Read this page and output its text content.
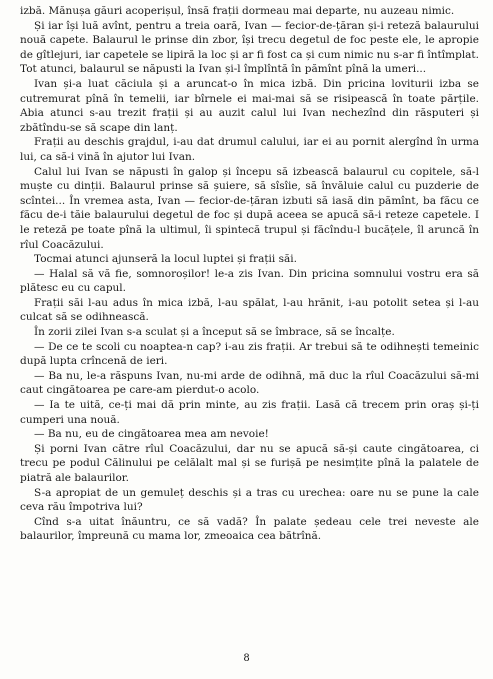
izbă. Mănușa găuri acoperișul, însă frații dormeau mai departe, nu auzeau nimic.

Și iar își luă avînt, pentru a treia oară, Ivan — fecior-de-țăran și-i reteză balaurului nouă capete. Balaurul le prinse din zbor, își trecu degetul de foc peste ele, le apropie de gîtlejuri, iar capetele se lipiră la loc și ar fi fost ca și cum nimic nu s-ar fi întîmplat. Tot atunci, balaurul se năpusti la Ivan și-l împlîntă în pămînt pînă la umeri...

Ivan și-a luat căciula și a aruncat-o în mica izbă. Din pricina loviturii izba se cutremurat pînă în temelii, iar bîrnele ei mai-mai să se risipească în toate părțile. Abia atunci s-au trezit frații și au auzit calul lui Ivan nechezînd din răsputeri și zbătîndu-se să scape din lanț.

Frații au deschis grajdul, i-au dat drumul calului, iar ei au pornit alergînd în urma lui, ca să-i vină în ajutor lui Ivan.

Calul lui Ivan se năpusti în galop și începu să izbească balaurul cu copitele, să-l muște cu dinții. Balaurul prinse să șuiere, să sîsîie, să învăluie calul cu puzderie de scîntei... În vremea asta, Ivan — fecior-de-țăran izbuti să iasă din pămînt, ba făcu ce făcu de-i tăie balaurului degetul de foc și după aceea se apucă să-i reteze capetele. I le reteză pe toate pînă la ultimul, îi spintecă trupul și făcîndu-l bucățele, îl aruncă în rîul Coacăzului.

Tocmai atunci ajunseră la locul luptei și frații săi.

— Halal să vă fie, somnoroșilor! le-a zis Ivan. Din pricina somnului vostru era să plătesc eu cu capul.

Frații săi l-au adus în mica izbă, l-au spălat, l-au hrănit, i-au potolit setea și l-au culcat să se odihnească.

În zorii zilei Ivan s-a sculat și a început să se îmbrace, să se încalțe.

— De ce te scoli cu noaptea-n cap? i-au zis frații. Ar trebui să te odihnești temeinic după lupta crîncenă de ieri.

— Ba nu, le-a răspuns Ivan, nu-mi arde de odihnă, mă duc la rîul Coacăzului să-mi caut cingătoarea pe care-am pierdut-o acolo.

— Ia te uită, ce-ți mai dă prin minte, au zis frații. Lasă că trecem prin oraș și-ți cumperi una nouă.

— Ba nu, eu de cingătoarea mea am nevoie!

Și porni Ivan către rîul Coacăzului, dar nu se apucă să-și caute cingătoarea, ci trecu pe podul Călinului pe celălalt mal și se furișă pe nesimțite pînă la palatele de piatră ale balaurilor.

S-a apropiat de un gemuleț deschis și a tras cu urechea: oare nu se pune la cale ceva rău împotriva lui?

Cînd s-a uitat înăuntru, ce să vadă? În palate ședeau cele trei neveste ale balaurilor, împreună cu mama lor, zmeoaica cea bătrînă.

8
